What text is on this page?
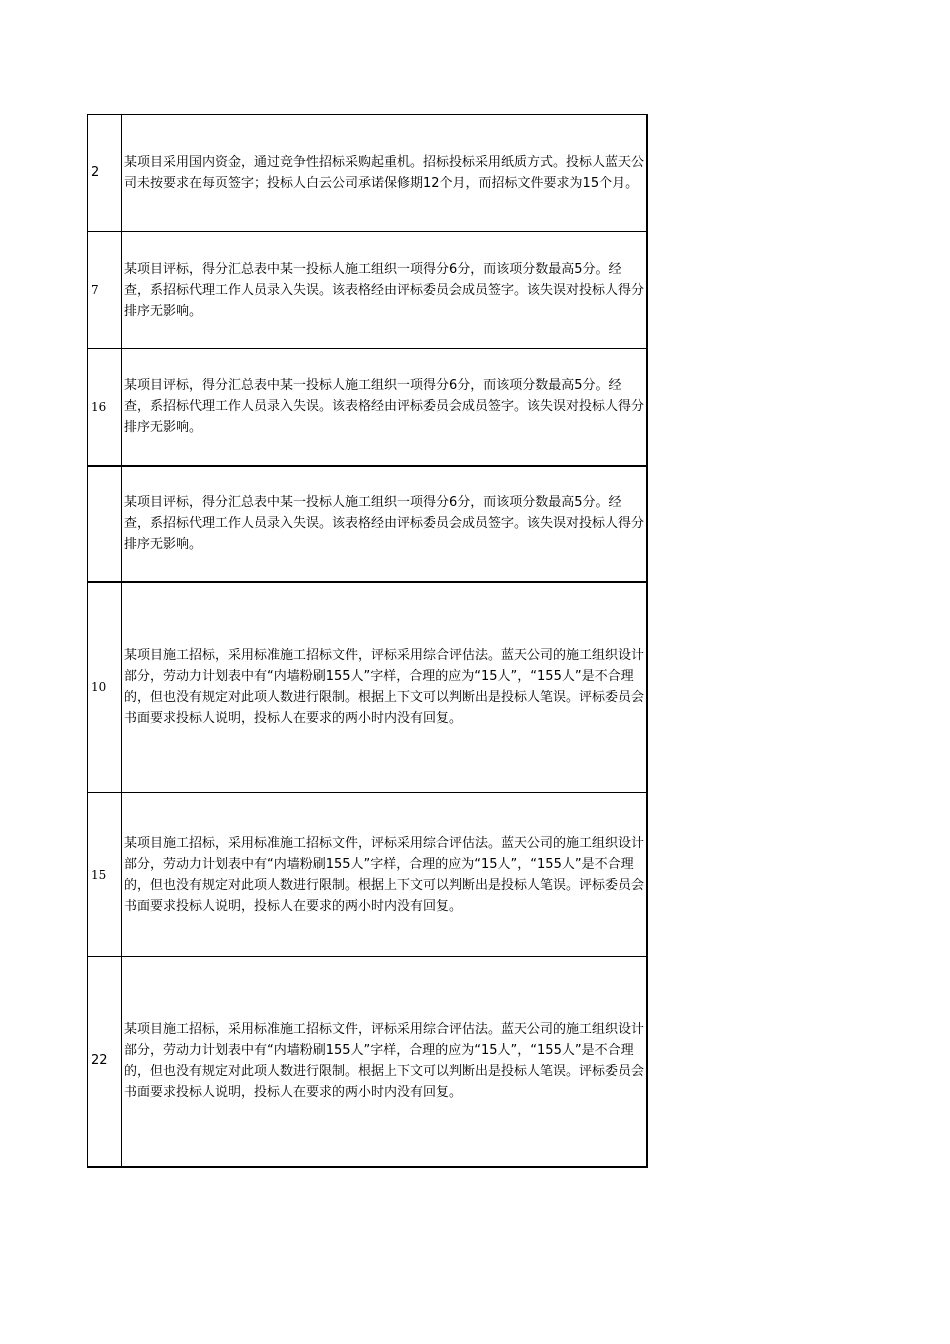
2	某项目采用国内资金，通过竞争性招标采购起重机。招标投标采用纸质方式。投标人蓝天公司未按要求在每页签字；投标人白云公司承诺保修期12个月，而招标文件要求为15个月。

7	某项目评标，得分汇总表中某一投标人施工组织一项得分6分，而该项分数最高5分。经查，系招标代理工作人员录入失误。该表格经由评标委员会成员签字。该失误对投标人得分排序无影响。

16	某项目评标，得分汇总表中某一投标人施工组织一项得分6分，而该项分数最高5分。经查，系招标代理工作人员录入失误。该表格经由评标委员会成员签字。该失误对投标人得分排序无影响。

	某项目评标，得分汇总表中某一投标人施工组织一项得分6分，而该项分数最高5分。经查，系招标代理工作人员录入失误。该表格经由评标委员会成员签字。该失误对投标人得分排序无影响。

10	某项目施工招标，采用标准施工招标文件，评标采用综合评估法。蓝天公司的施工组织设计部分，劳动力计划表中有“内墙粉刷155人”字样，合理的应为“15人”，“155人”是不合理的，但也没有规定对此项人数进行限制。根据上下文可以判断出是投标人笔误。评标委员会书面要求投标人说明，投标人在要求的两小时内没有回复。

15	某项目施工招标，采用标准施工招标文件，评标采用综合评估法。蓝天公司的施工组织设计部分，劳动力计划表中有“内墙粉刷155人”字样，合理的应为“15人”，“155人”是不合理的，但也没有规定对此项人数进行限制。根据上下文可以判断出是投标人笔误。评标委员会书面要求投标人说明，投标人在要求的两小时内没有回复。

22	某项目施工招标，采用标准施工招标文件，评标采用综合评估法。蓝天公司的施工组织设计部分，劳动力计划表中有“内墙粉刷155人”字样，合理的应为“15人”，“155人”是不合理的，但也没有规定对此项人数进行限制。根据上下文可以判断出是投标人笔误。评标委员会书面要求投标人说明，投标人在要求的两小时内没有回复。
